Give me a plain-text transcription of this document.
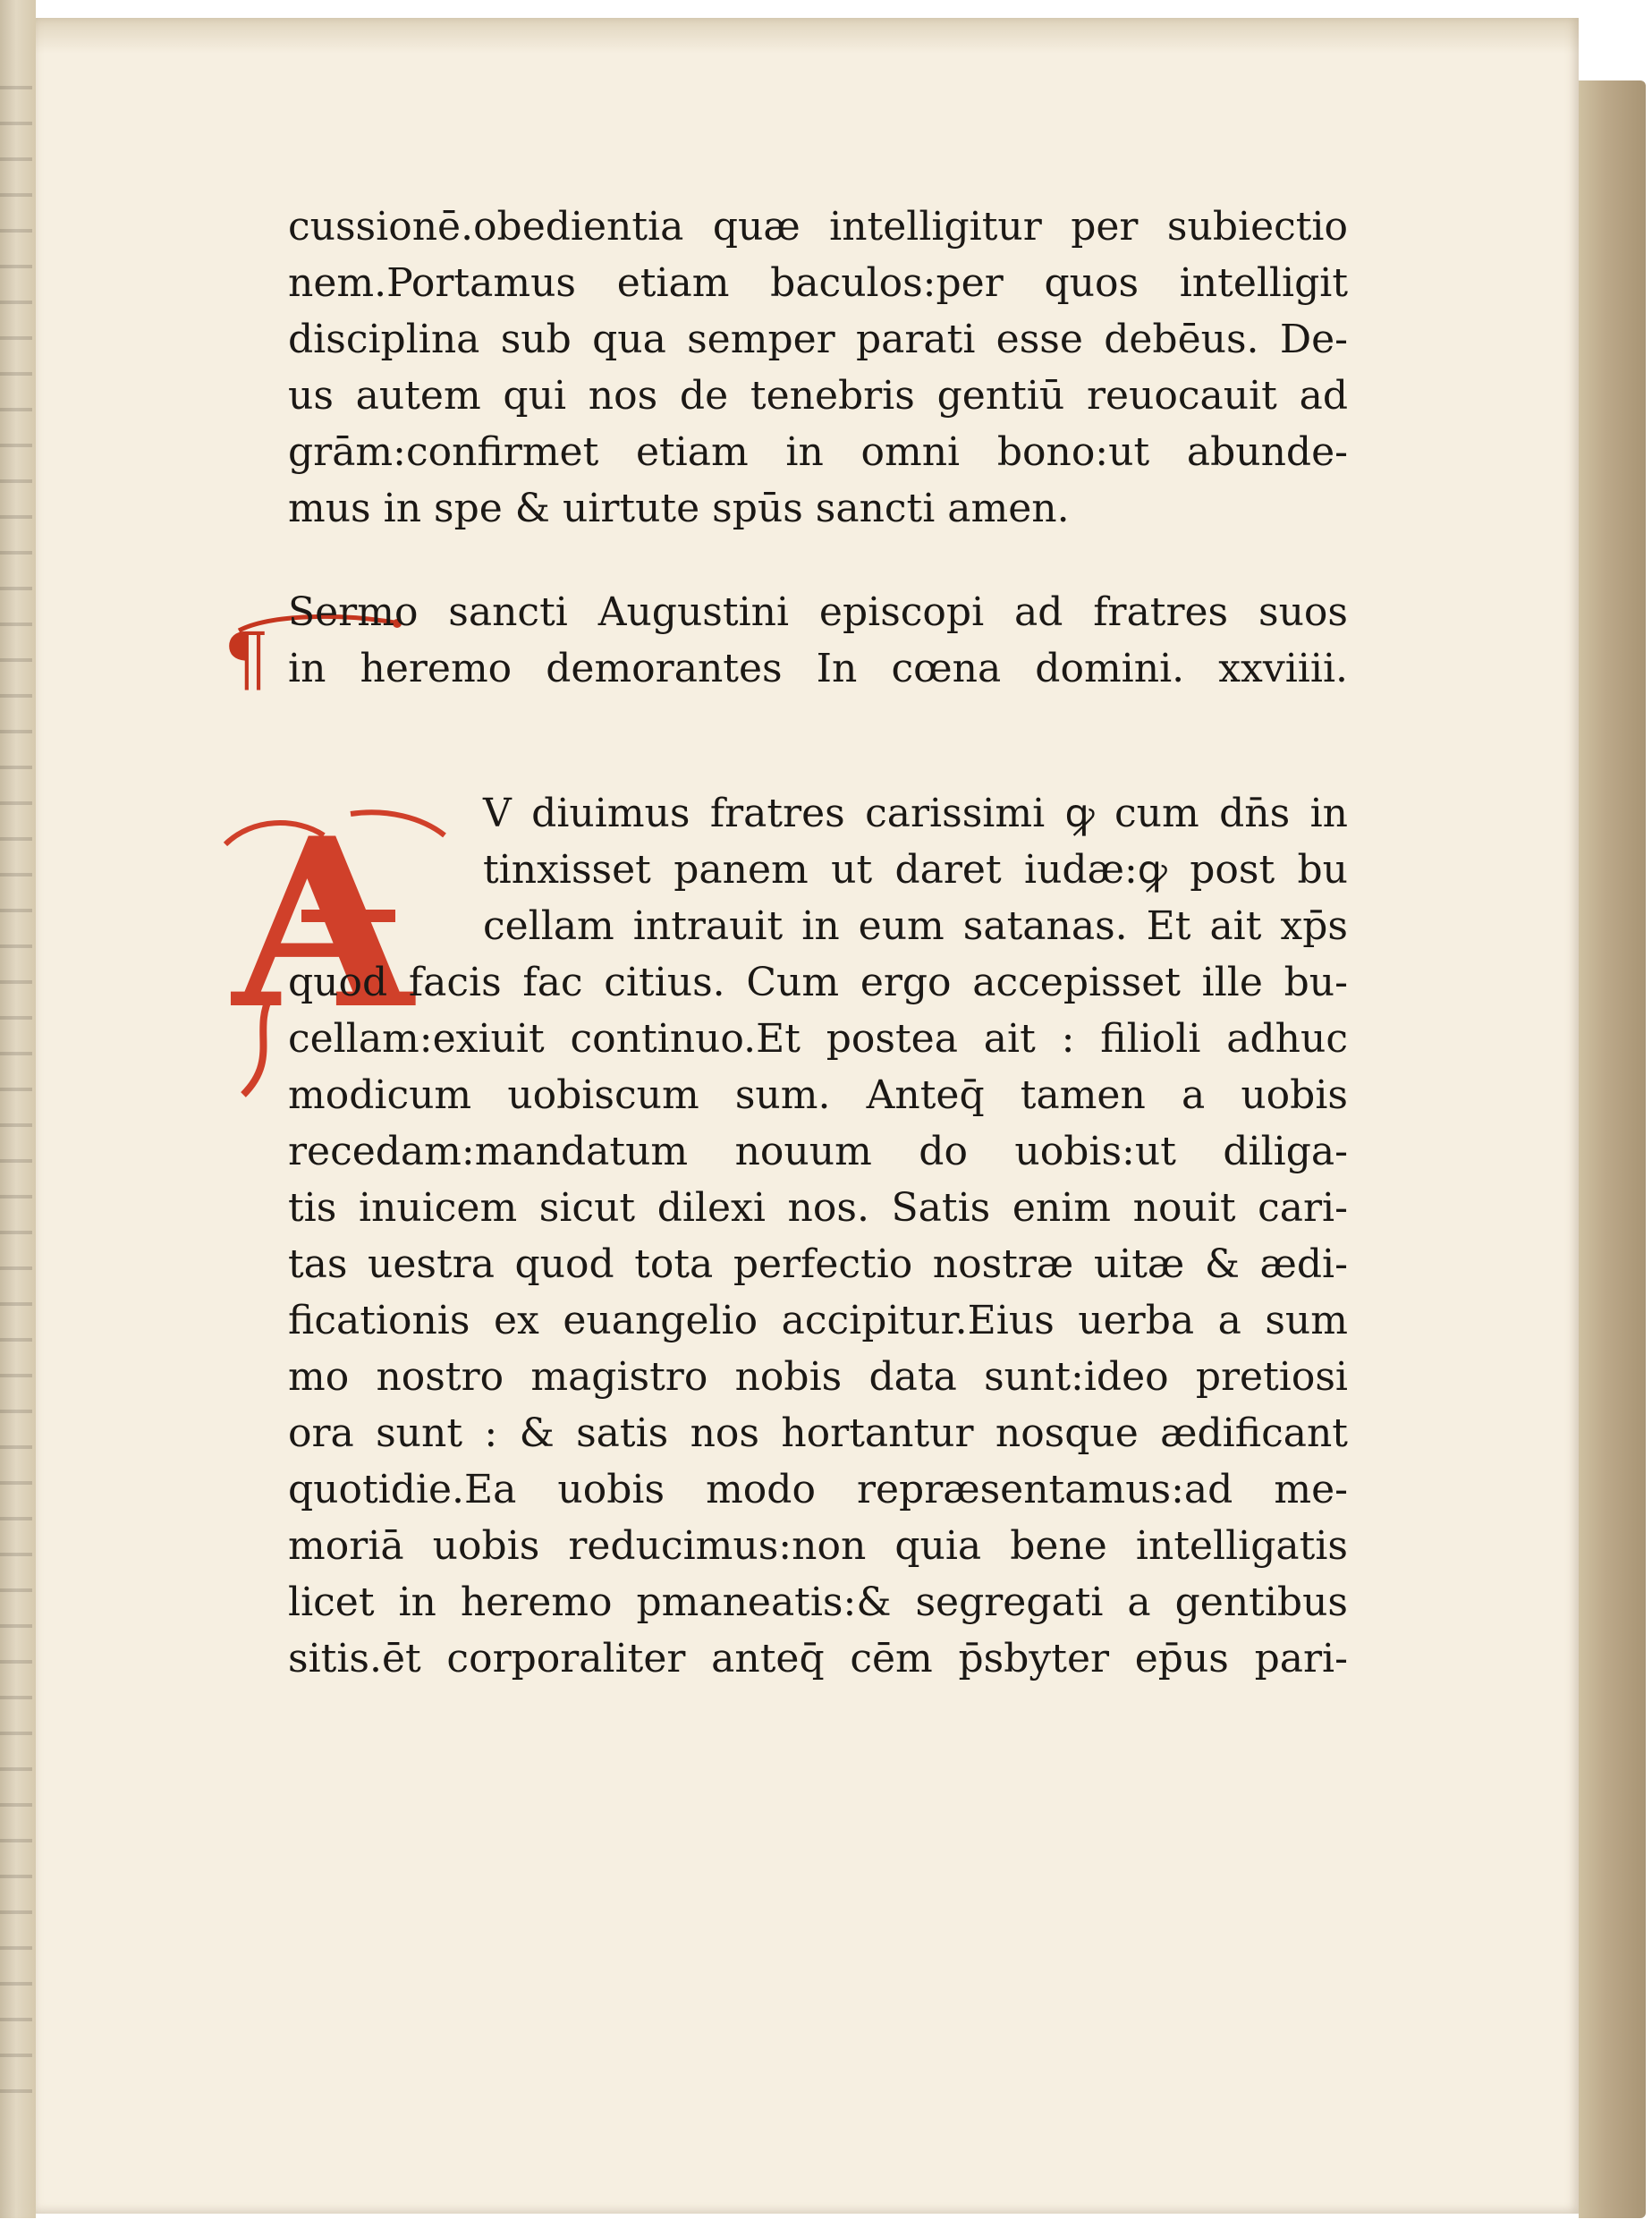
¶
A
cussionē.obedientia quæ intelligitur per subiectio
nem.Portamus etiam baculos:per quos intelligit
disciplina sub qua semper parati esse debēus. De-
us autem qui nos de tenebris gentiū reuocauit ad
grām:confirmet etiam in omni bono:ut abunde-
mus in spe & uirtute spūs sancti amen.
Sermo sancti Augustini episcopi ad fratres suos
in heremo demorantes In cœna domini. xxviiii.
V diuimus fratres carissimi ꝙ cum dn̄s in
tinxisset panem ut daret iudæ:ꝙ post bu
cellam intrauit in eum satanas. Et ait xp̄s
quod facis fac citius. Cum ergo accepisset ille bu-
cellam:exiuit continuo.Et postea ait : filioli adhuc
modicum uobiscum sum. Anteq̄ tamen a uobis
recedam:mandatum nouum do uobis:ut diliga-
tis inuicem sicut dilexi nos. Satis enim nouit cari-
tas uestra quod tota perfectio nostræ uitæ & ædi-
ficationis ex euangelio accipitur.Eius uerba a sum
mo nostro magistro nobis data sunt:ideo pretiosi
ora sunt : & satis nos hortantur nosque ædificant
quotidie.Ea uobis modo repræsentamus:ad me-
moriā uobis reducimus:non quia bene intelligatis
licet in heremo pmaneatis:& segregati a gentibus
sitis.ēt corporaliter anteq̄ cēm p̄sbyter ep̄us pari-
